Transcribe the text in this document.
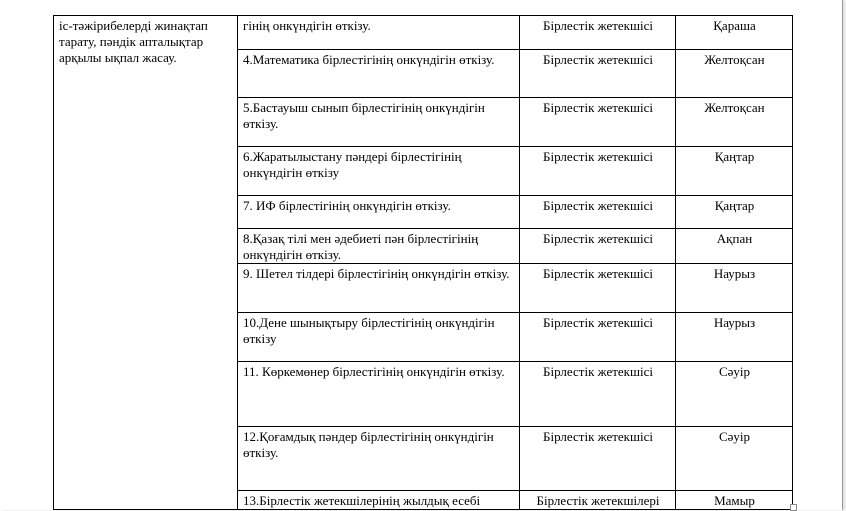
іс-тәжірибелерді жинақтап тарату, пәндік апталықтар арқылы ықпал жасау.	гінің онкүндігін өткізу.	Бірлестік жетекшісі	Қараша
	4.Математика бірлестігінің онкүндігін өткізу.	Бірлестік жетекшісі	Желтоқсан
	5.Бастауыш сынып бірлестігінің онкүндігін өткізу.	Бірлестік жетекшісі	Желтоқсан
	6.Жаратылыстану пәндері бірлестігінің онкүндігін өткізу	Бірлестік жетекшісі	Қаңтар
	7. ИФ бірлестігінің онкүндігін өткізу.	Бірлестік жетекшісі	Қаңтар
	8.Қазақ тілі мен әдебиеті пән бірлестігінің онкүндігін өткізу.	Бірлестік жетекшісі	Ақпан
	9. Шетел тілдері бірлестігінің онкүндігін өткізу.	Бірлестік жетекшісі	Наурыз
	10.Дене шынықтыру бірлестігінің онкүндігін өткізу	Бірлестік жетекшісі	Наурыз
	11. Көркемөнер бірлестігінің онкүндігін өткізу.	Бірлестік жетекшісі	Сәуір
	12.Қоғамдық пәндер бірлестігінің онкүндігін өткізу.	Бірлестік жетекшісі	Сәуір
	13.Бірлестік жетекшілерінің жылдық есебі	Бірлестік жетекшілері	Мамыр
